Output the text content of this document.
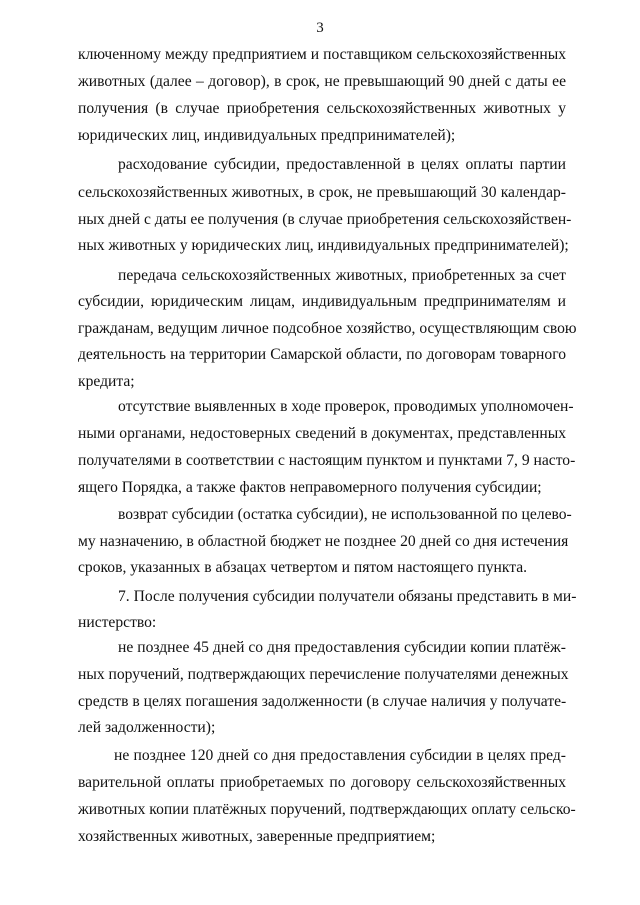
3
ключенному между предприятием и поставщиком сельскохозяйственных
животных (далее – договор), в срок, не превышающий 90 дней с даты ее
получения (в случае приобретения сельскохозяйственных животных у
юридических лиц, индивидуальных предпринимателей);
расходование субсидии, предоставленной в целях оплаты партии
сельскохозяйственных животных, в срок, не превышающий 30 календар-
ных дней с даты ее получения (в случае приобретения сельскохозяйствен-
ных животных у юридических лиц, индивидуальных предпринимателей);
передача сельскохозяйственных животных, приобретенных за счет
субсидии, юридическим лицам, индивидуальным предпринимателям и
гражданам, ведущим личное подсобное хозяйство, осуществляющим свою
деятельность на территории Самарской области, по договорам товарного
кредита;
отсутствие выявленных в ходе проверок, проводимых уполномочен-
ными органами, недостоверных сведений в документах, представленных
получателями в соответствии с настоящим пунктом и пунктами 7, 9 насто-
ящего Порядка, а также фактов неправомерного получения субсидии;
возврат субсидии (остатка субсидии), не использованной по целево-
му назначению, в областной бюджет не позднее 20 дней со дня истечения
сроков, указанных в абзацах четвертом и пятом настоящего пункта.
7. После получения субсидии получатели обязаны представить в ми-
нистерство:
не позднее 45 дней со дня предоставления субсидии копии платёж-
ных поручений, подтверждающих перечисление получателями денежных
средств в целях погашения задолженности (в случае наличия у получате-
лей задолженности);
не позднее 120 дней со дня предоставления субсидии в целях пред-
варительной оплаты приобретаемых по договору сельскохозяйственных
животных копии платёжных поручений, подтверждающих оплату сельско-
хозяйственных животных, заверенные предприятием;
